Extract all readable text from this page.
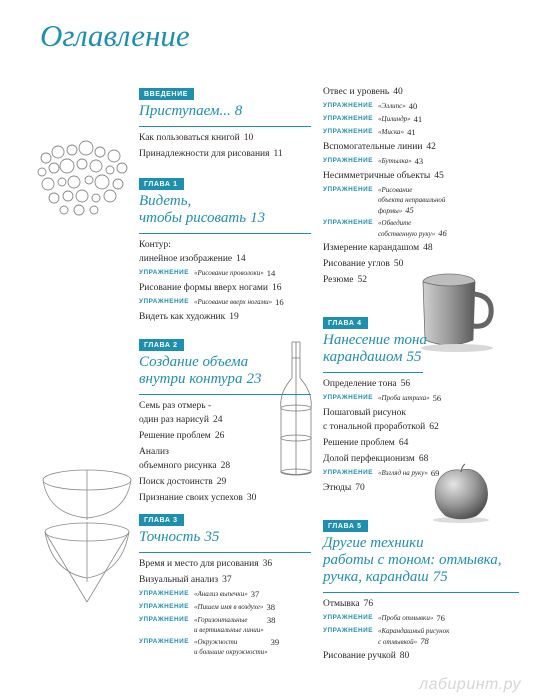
Оглавление
ВВЕДЕНИЕ
Приступаем... 8
Как пользоваться книгой 10
Принадлежности для рисования 11
ГЛАВА 1
Видеть,
чтобы рисовать 13
Контур:
линейное изображение 14
УПРАЖНЕНИЕ «Рисование проволоки» 14
Рисование формы вверх ногами 16
УПРАЖНЕНИЕ «Рисование вверх ногами» 16
Видеть как художник 19
ГЛАВА 2
Создание объема
внутри контура 23
Семь раз отмерь -
один раз нарисуй 24
Решение проблем 26
Анализ
объемного рисунка 28
Поиск достоинств 29
Признание своих успехов 30
ГЛАВА 3
Точность 35
Время и место для рисования 36
Визуальный анализ 37
УПРАЖНЕНИЕ «Анализ выпечки» 37
УПРАЖНЕНИЕ «Пишем имя в воздухе» 38
УПРАЖНЕНИЕ «Горизонтальные
и вертикальные линии»38
УПРАЖНЕНИЕ «Окружности
и большие окружности»39
Отвес и уровень 40
УПРАЖНЕНИЕ «Эллипс» 40
УПРАЖНЕНИЕ «Цилиндр» 41
УПРАЖНЕНИЕ «Миска» 41
Вспомогательные линии 42
УПРАЖНЕНИЕ «Бутылка» 43
Несимметричные объекты 45
УПРАЖНЕНИЕ «Рисование
объекта неправильной
формы» 45
УПРАЖНЕНИЕ «Обведите
собственную руку» 46
Измерение карандашом 48
Рисование углов 50
Резюме 52
ГЛАВА 4
Нанесение тона
карандашом 55
Определение тона 56
УПРАЖНЕНИЕ «Проба штриха» 56
Пошаговый рисунок
с тональной проработкой 62
Решение проблем 64
Долой перфекционизм 68
УПРАЖНЕНИЕ «Взгляд на руку» 69
Этюды 70
ГЛАВА 5
Другие техники
работы с тоном: отмывка,
ручка, карандаш 75
Отмывка 76
УПРАЖНЕНИЕ «Проба отмывки» 76
УПРАЖНЕНИЕ «Карандашный рисунок
с отмывкой» 78
Рисование ручкой 80
лабиринт.ру
